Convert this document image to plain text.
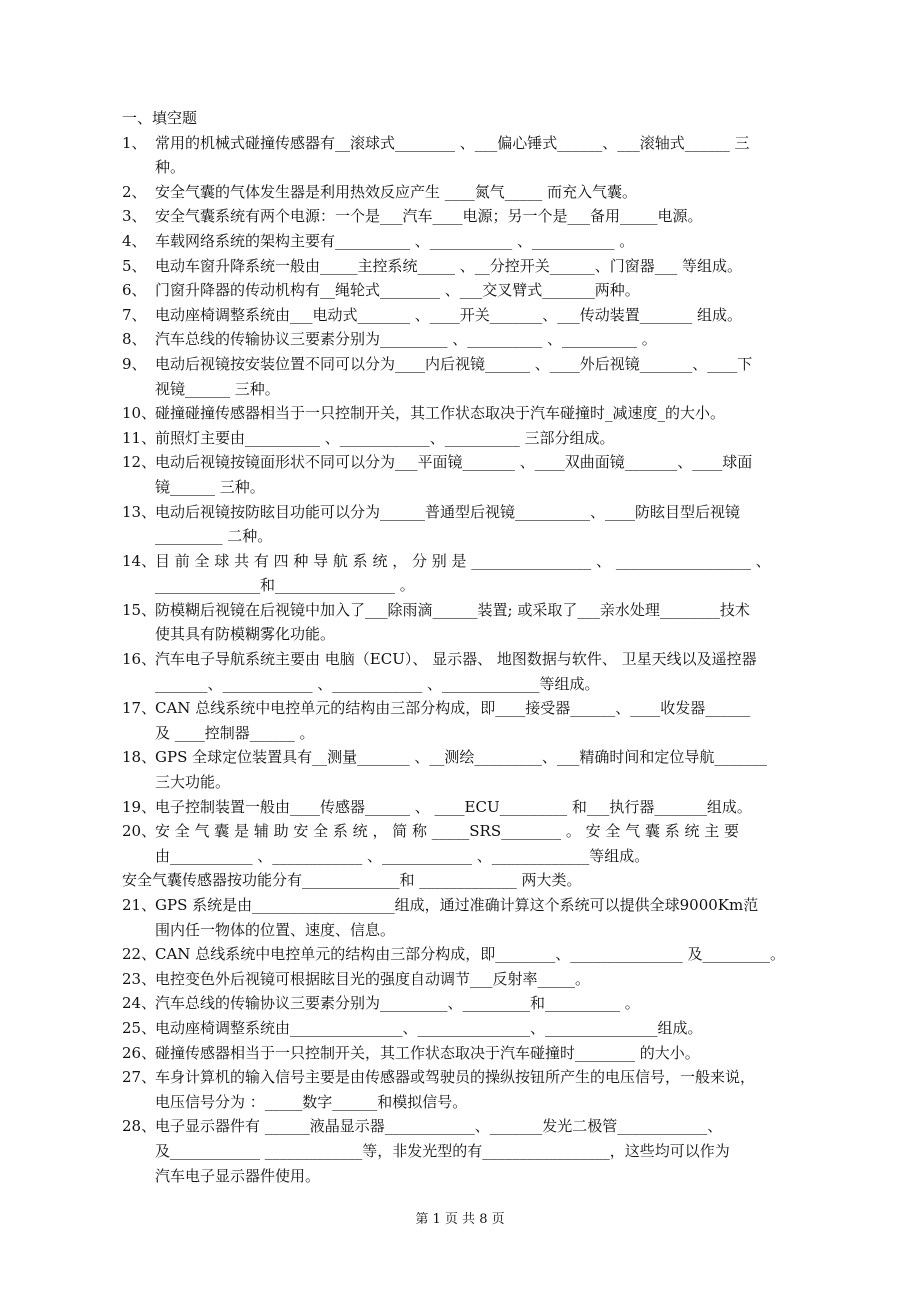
一、填空题
1、 常用的机械式碰撞传感器有__滚球式________ 、___偏心锤式______、___滚轴式______ 三
种。
2、 安全气囊的气体发生器是利用热效反应产生 ____氮气_____ 而充入气囊。
3、 安全气囊系统有两个电源：一个是___汽车____电源；另一个是___备用_____电源。
4、 车载网络系统的架构主要有__________ 、___________ 、___________ 。
5、 电动车窗升降系统一般由_____主控系统_____ 、__分控开关______、门窗器___ 等组成。
6、 门窗升降器的传动机构有__绳轮式________ 、___交叉臂式_______两种。
7、 电动座椅调整系统由___电动式_______ 、____开关_______、___传动装置_______ 组成。
8、 汽车总线的传输协议三要素分别为_________ 、__________ 、__________ 。
9、 电动后视镜按安装位置不同可以分为____内后视镜______ 、____外后视镜_______、____下
视镜______ 三种。
10、
碰撞碰撞传感器相当于一只控制开关，其工作状态取决于汽车碰撞时_减速度_的大小。
11、
前照灯主要由__________ 、____________、__________ 三部分组成。
12、
电动后视镜按镜面形状不同可以分为___平面镜_______ 、____双曲面镜_______、____球面
镜______ 三种。
13、
电动后视镜按防眩目功能可以分为______普通型后视镜__________、____防眩目型后视镜
_________ 二种。
14、
目 前 全 球 共 有 四 种 导 航 系 统 ， 分 别 是 ________________ 、 __________________ 、
______________和________________ 。
15、
防模糊后视镜在后视镜中加入了___除雨滴______装置; 或采取了___亲水处理________技术
使其具有防模糊雾化功能。
16、
汽车电子导航系统主要由 电脑（ECU）、 显示器、 地图数据与软件、 卫星天线以及遥控器
_______、____________ 、____________ 、_____________等组成。
17、
CAN 总线系统中电控单元的结构由三部分构成，即____接受器______、____收发器______
及 ____控制器______ 。
18、
GPS 全球定位装置具有__测量_______ 、__测绘_________、___精确时间和定位导航_______
三大功能。
19、
电子控制装置一般由____传感器______ 、 ____ECU_________ 和___执行器_______组成。
20、
安 全 气 囊 是 辅 助 安 全 系 统 ， 简 称 _____SRS________ 。 安 全 气 囊 系 统 主 要
由___________ 、____________ 、____________ 、_____________等组成。
安全气囊传感器按功能分有_____________和 _____________ 两大类。
21、
GPS 系统是由___________________组成，通过准确计算这个系统可以提供全球9000Km范
围内任一物体的位置、速度、信息。
22、
CAN 总线系统中电控单元的结构由三部分构成，即________、_______________ 及_________。
23、
电控变色外后视镜可根据眩目光的强度自动调节___反射率_____。
24、
汽车总线的传输协议三要素分别为_________、_________和__________ 。
25、
电动座椅调整系统由_______________、_______________、_______________组成。
26、
碰撞传感器相当于一只控制开关，其工作状态取决于汽车碰撞时________ 的大小。
27、
车身计算机的输入信号主要是由传感器或驾驶员的操纵按钮所产生的电压信号，一般来说，
电压信号分为 ：_____数字______和模拟信号。
28、
电子显示器件有 ______液晶显示器____________、_______发光二极管____________、
及____________ _____________等，非发光型的有_________________，这些均可以作为
汽车电子显示器件使用。
第 1 页 共 8 页
